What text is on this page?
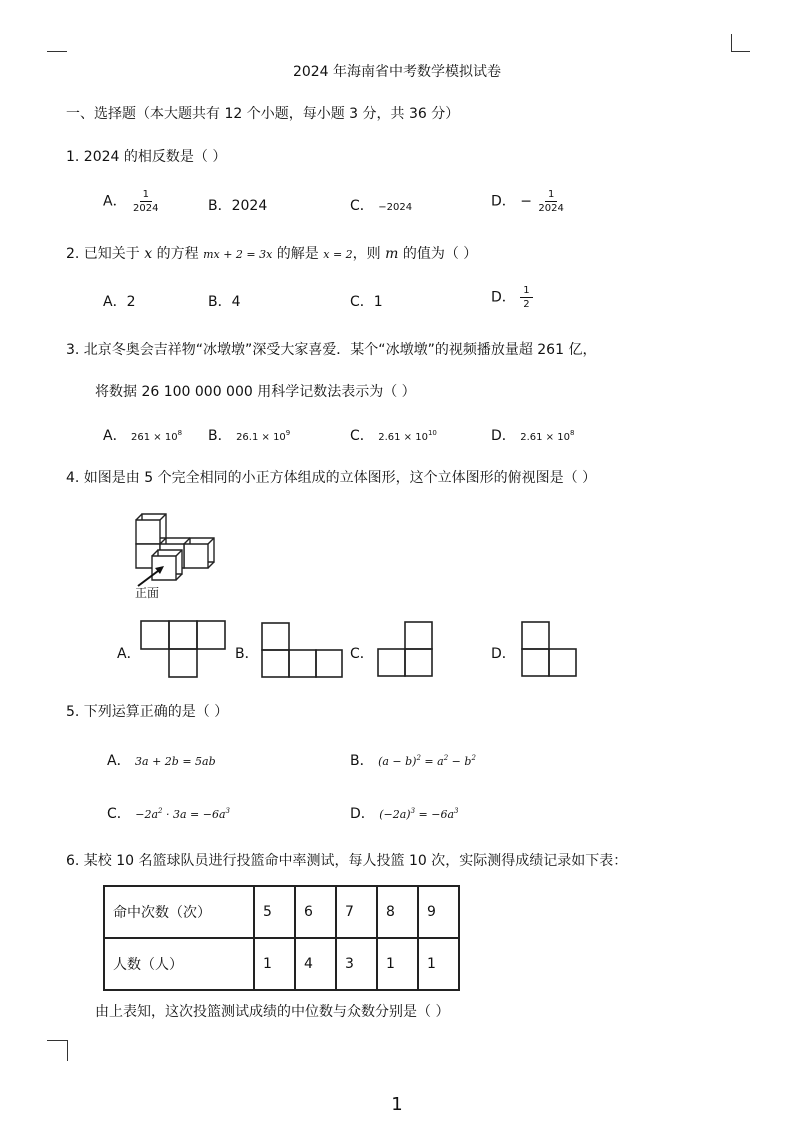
2024 年海南省中考数学模拟试卷
一、选择题（本大题共有 12 个小题，每小题 3 分，共 36 分）
1. 2024 的相反数是（ ）
A． $\frac{1}{2024}$	B．2024	C． −2024	D． − $\frac{1}{2024}$
2. 已知关于 x 的方程 mx + 2 = 3x 的解是 x = 2，则 m 的值为（ ）
A．2	B．4	C．1	D． $\frac{1}{2}$
3. 北京冬奥会吉祥物“冰墩墩”深受大家喜爱．某个“冰墩墩”的视频播放量超 261 亿，
将数据 26 100 000 000 用科学记数法表示为（ ）
A． $261 \times 10^8$ B． $26.1 \times 10^9$	C． $2.61 \times 10^{10}$	D． $2.61 \times 10^8$
4. 如图是由 5 个完全相同的小正方体组成的立体图形，这个立体图形的俯视图是（ ）
正面
A．	B．	C．	D．
5. 下列运算正确的是（ ）
A． 3a + 2b = 5ab	B． $(a - b)^2 = a^2 - b^2$
C． $-2a^2 \cdot 3a = -6a^3$	D． $(-2a)^3 = -6a^3$
6. 某校 10 名篮球队员进行投篮命中率测试，每人投篮 10 次，实际测得成绩记录如下表：
命中次数（次）	5	6	7	8	9
人数（人）	1	4	3	1	1
由上表知，这次投篮测试成绩的中位数与众数分别是（ ）
1
